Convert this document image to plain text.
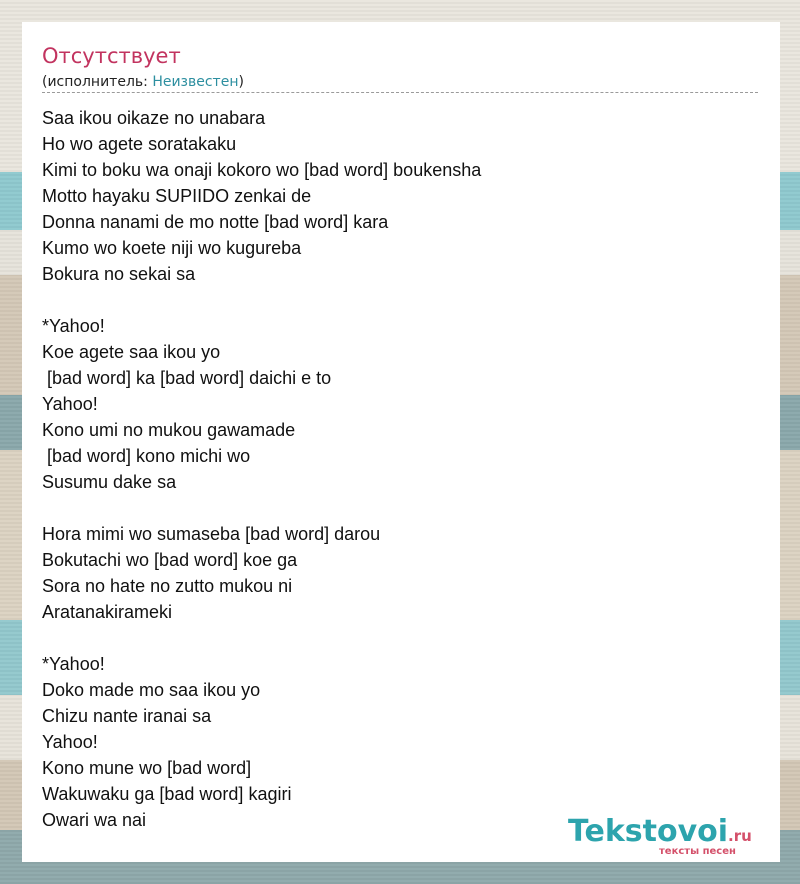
Отсутствует
(исполнитель: Неизвестен)
Saa ikou oikaze no unabara
Ho wo agete soratakaku
Kimi to boku wa onaji kokoro wo [bad word] boukensha
Motto hayaku SUPIIDO zenkai de
Donna nanami de mo notte [bad word] kara
Kumo wo koete niji wo kugureba
Bokura no sekai sa
*Yahoo!
Koe agete saa ikou yo
[bad word] ka [bad word] daichi e to
Yahoo!
Kono umi no mukou gawamade
[bad word] kono michi wo
Susumu dake sa
Hora mimi wo sumaseba [bad word] darou
Bokutachi wo [bad word] koe ga
Sora no hate no zutto mukou ni
Aratanakirameki
*Yahoo!
Doko made mo saa ikou yo
Chizu nante iranai sa
Yahoo!
Kono mune wo [bad word]
Wakuwaku ga [bad word] kagiri
Owari wa nai	Tekstovoi.ru
тексты песен
